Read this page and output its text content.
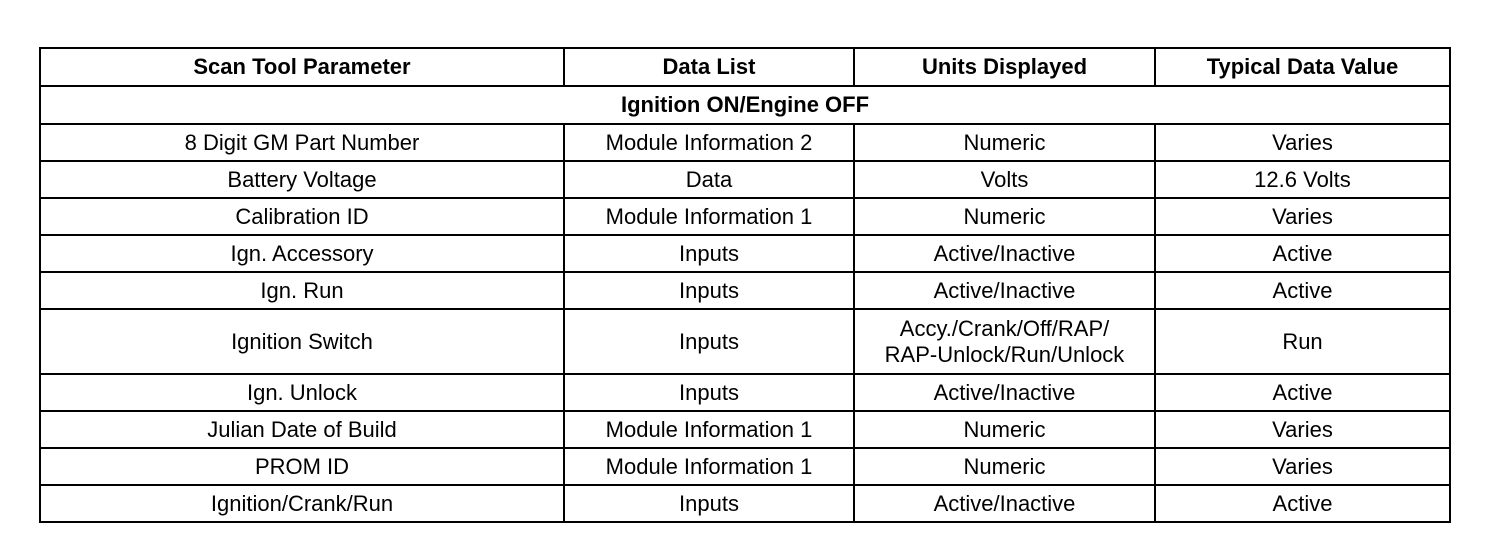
Scan Tool Parameter	Data List	Units Displayed	Typical Data Value
Ignition ON/Engine OFF			
8 Digit GM Part Number	Module Information 2	Numeric	Varies
Battery Voltage	Data	Volts	12.6 Volts
Calibration ID	Module Information 1	Numeric	Varies
Ign. Accessory	Inputs	Active/Inactive	Active
Ign. Run	Inputs	Active/Inactive	Active
Ignition Switch	Inputs	Accy./Crank/Off/RAP/
RAP-Unlock/Run/Unlock	Run
Ign. Unlock	Inputs	Active/Inactive	Active
Julian Date of Build	Module Information 1	Numeric	Varies
PROM ID	Module Information 1	Numeric	Varies
Ignition/Crank/Run	Inputs	Active/Inactive	Active
